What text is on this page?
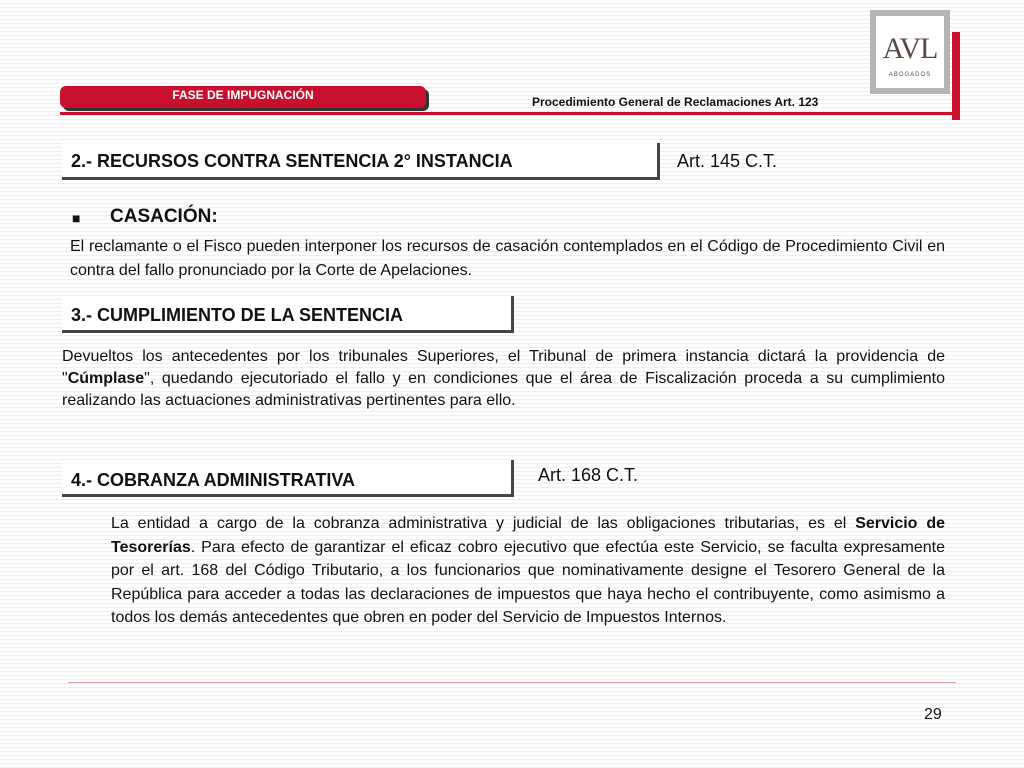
AVL
ABOGADOS
FASE DE IMPUGNACIÓN	Procedimiento General de Reclamaciones Art. 123
2.- RECURSOS CONTRA SENTENCIA 2° INSTANCIA	Art. 145 C.T.
■ CASACIÓN:
El reclamante o el Fisco pueden interponer los recursos de casación contemplados en el Código de Procedimiento Civil en contra del fallo pronunciado por la Corte de Apelaciones.
3.- CUMPLIMIENTO DE LA SENTENCIA
Devueltos los antecedentes por los tribunales Superiores, el Tribunal de primera instancia dictará la providencia de "Cúmplase", quedando ejecutoriado el fallo y en condiciones que el área de Fiscalización proceda a su cumplimiento realizando las actuaciones administrativas pertinentes para ello.
4.- COBRANZA ADMINISTRATIVA	Art. 168 C.T.
La entidad a cargo de la cobranza administrativa y judicial de las obligaciones tributarias, es el Servicio de Tesorerías. Para efecto de garantizar el eficaz cobro ejecutivo que efectúa este Servicio, se faculta expresamente por el art. 168 del Código Tributario, a los funcionarios que nominativamente designe el Tesorero General de la República para acceder a todas las declaraciones de impuestos que haya hecho el contribuyente, como asimismo a todos los demás antecedentes que obren en poder del Servicio de Impuestos Internos.
29
